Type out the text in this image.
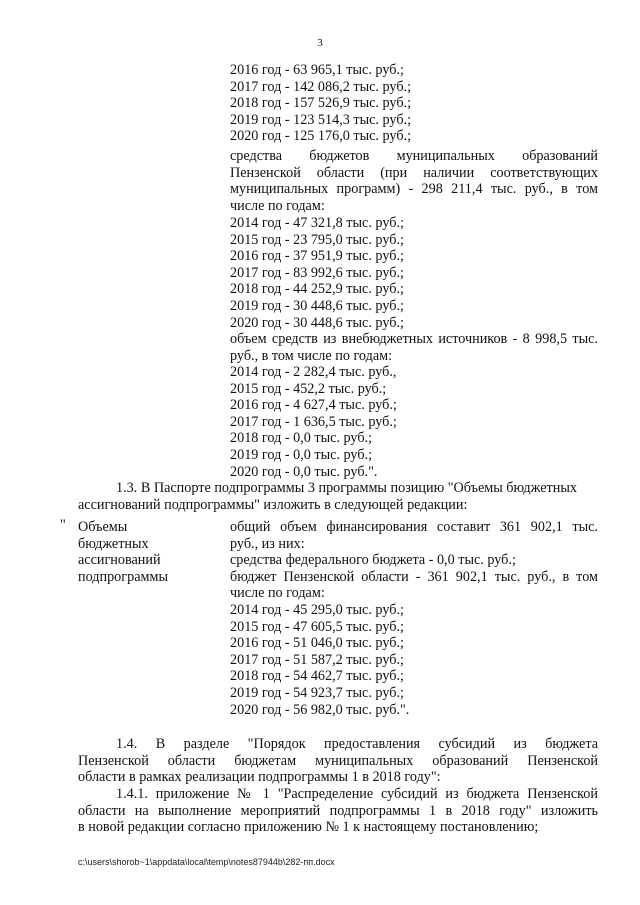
3
2016 год - 63 965,1 тыс. руб.;
2017 год - 142 086,2 тыс. руб.;
2018 год - 157 526,9 тыс. руб.;
2019 год - 123 514,3 тыс. руб.;
2020 год - 125 176,0 тыс. руб.;
средства бюджетов муниципальных образований
Пензенской области (при наличии соответствующих
муниципальных программ) - 298 211,4 тыс. руб., в том
числе по годам:
2014 год - 47 321,8 тыс. руб.;
2015 год - 23 795,0 тыс. руб.;
2016 год - 37 951,9 тыс. руб.;
2017 год - 83 992,6 тыс. руб.;
2018 год - 44 252,9 тыс. руб.;
2019 год - 30 448,6 тыс. руб.;
2020 год - 30 448,6 тыс. руб.;
объем средств из внебюджетных источников - 8 998,5 тыс.
руб., в том числе по годам:
2014 год - 2 282,4 тыс. руб.,
2015 год - 452,2 тыс. руб.;
2016 год - 4 627,4 тыс. руб.;
2017 год - 1 636,5 тыс. руб.;
2018 год - 0,0 тыс. руб.;
2019 год - 0,0 тыс. руб.;
2020 год - 0,0 тыс. руб.".
1.3. В Паспорте подпрограммы 3 программы позицию "Объемы бюджетных
ассигнований подпрограммы" изложить в следующей редакции:
" Объемы
бюджетных
ассигнований
подпрограммы
общий объем финансирования составит 361 902,1 тыс.
руб., из них:
средства федерального бюджета - 0,0 тыс. руб.;
бюджет Пензенской области - 361 902,1 тыс. руб., в том
числе по годам:
2014 год - 45 295,0 тыс. руб.;
2015 год - 47 605,5 тыс. руб.;
2016 год - 51 046,0 тыс. руб.;
2017 год - 51 587,2 тыс. руб.;
2018 год - 54 462,7 тыс. руб.;
2019 год - 54 923,7 тыс. руб.;
2020 год - 56 982,0 тыс. руб.".
1.4. В разделе "Порядок предоставления субсидий из бюджета
Пензенской области бюджетам муниципальных образований Пензенской
области в рамках реализации подпрограммы 1 в 2018 году":
1.4.1. приложение № 1 "Распределение субсидий из бюджета Пензенской
области на выполнение мероприятий подпрограммы 1 в 2018 году" изложить
в новой редакции согласно приложению № 1 к настоящему постановлению;
c:\users\shorob~1\appdata\local\temp\notes87944b\282-пп.docx
